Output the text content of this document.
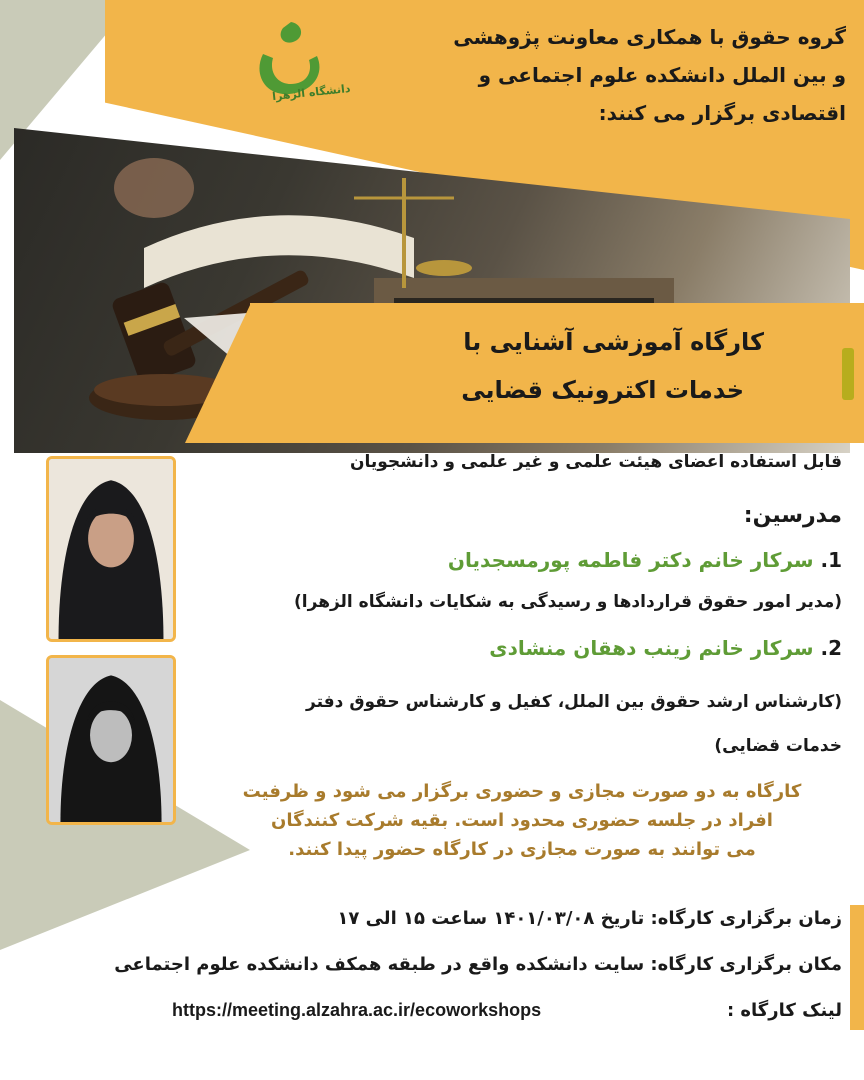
دانشگاه الزهرا
گروه حقوق با همکاری معاونت پژوهشی
و بین الملل دانشکده علوم اجتماعی و
اقتصادی برگزار می کنند:
کارگاه آموزشی آشنایی با
خدمات اکترونیک قضایی
قابل استفاده اعضای هیئت علمی و غیر علمی و دانشجویان
مدرسین:
1. سرکار خانم دکتر فاطمه پورمسجدیان
(مدیر امور حقوق قراردادها و رسیدگی به شکایات دانشگاه الزهرا)
2. سرکار خانم زینب دهقان منشادی
(کارشناس ارشد حقوق بین الملل، کفیل و کارشناس حقوق دفتر
خدمات قضایی)
کارگاه به دو صورت مجازی و حضوری برگزار می شود و ظرفیت
افراد در جلسه حضوری محدود است. بقیه شرکت کنندگان
می توانند به صورت مجازی در کارگاه حضور پیدا کنند.
زمان برگزاری کارگاه: تاریخ ۱۴۰۱/۰۳/۰۸ ساعت ۱۵ الی ۱۷
مکان برگزاری کارگاه: سایت دانشکده واقع در طبقه همکف دانشکده علوم اجتماعی
لینک کارگاه :
https://meeting.alzahra.ac.ir/ecoworkshops
